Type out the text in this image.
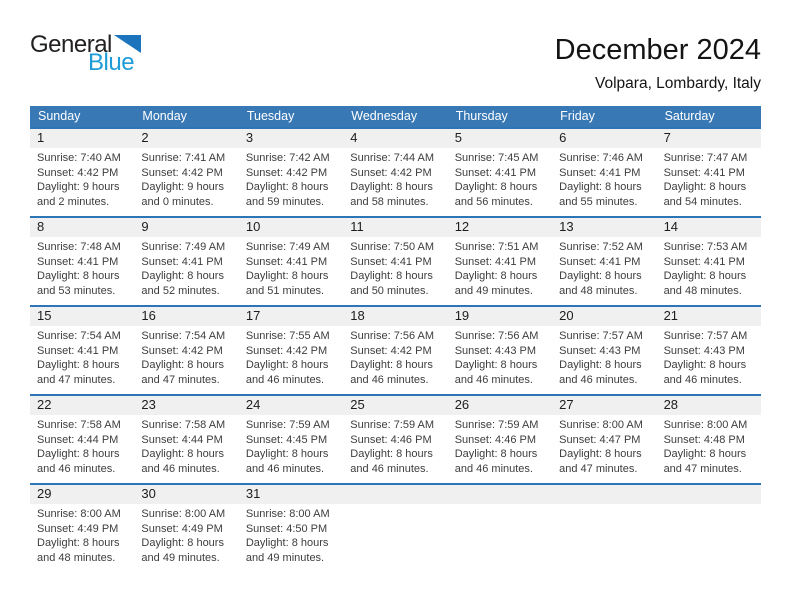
General
Blue	December 2024
Volpara, Lombardy, Italy
Sunday	Monday	Tuesday	Wednesday	Thursday	Friday	Saturday
1	2	3	4	5	6	7
Sunrise: 7:40 AM
Sunset: 4:42 PM
Daylight: 9 hours and 2 minutes.
Sunrise: 7:41 AM
Sunset: 4:42 PM
Daylight: 9 hours and 0 minutes.
Sunrise: 7:42 AM
Sunset: 4:42 PM
Daylight: 8 hours and 59 minutes.
Sunrise: 7:44 AM
Sunset: 4:42 PM
Daylight: 8 hours and 58 minutes.
Sunrise: 7:45 AM
Sunset: 4:41 PM
Daylight: 8 hours and 56 minutes.
Sunrise: 7:46 AM
Sunset: 4:41 PM
Daylight: 8 hours and 55 minutes.
Sunrise: 7:47 AM
Sunset: 4:41 PM
Daylight: 8 hours and 54 minutes.
8	9	10	11	12	13	14
Sunrise: 7:48 AM
Sunset: 4:41 PM
Daylight: 8 hours and 53 minutes.
Sunrise: 7:49 AM
Sunset: 4:41 PM
Daylight: 8 hours and 52 minutes.
Sunrise: 7:49 AM
Sunset: 4:41 PM
Daylight: 8 hours and 51 minutes.
Sunrise: 7:50 AM
Sunset: 4:41 PM
Daylight: 8 hours and 50 minutes.
Sunrise: 7:51 AM
Sunset: 4:41 PM
Daylight: 8 hours and 49 minutes.
Sunrise: 7:52 AM
Sunset: 4:41 PM
Daylight: 8 hours and 48 minutes.
Sunrise: 7:53 AM
Sunset: 4:41 PM
Daylight: 8 hours and 48 minutes.
15	16	17	18	19	20	21
Sunrise: 7:54 AM
Sunset: 4:41 PM
Daylight: 8 hours and 47 minutes.
Sunrise: 7:54 AM
Sunset: 4:42 PM
Daylight: 8 hours and 47 minutes.
Sunrise: 7:55 AM
Sunset: 4:42 PM
Daylight: 8 hours and 46 minutes.
Sunrise: 7:56 AM
Sunset: 4:42 PM
Daylight: 8 hours and 46 minutes.
Sunrise: 7:56 AM
Sunset: 4:43 PM
Daylight: 8 hours and 46 minutes.
Sunrise: 7:57 AM
Sunset: 4:43 PM
Daylight: 8 hours and 46 minutes.
Sunrise: 7:57 AM
Sunset: 4:43 PM
Daylight: 8 hours and 46 minutes.
22	23	24	25	26	27	28
Sunrise: 7:58 AM
Sunset: 4:44 PM
Daylight: 8 hours and 46 minutes.
Sunrise: 7:58 AM
Sunset: 4:44 PM
Daylight: 8 hours and 46 minutes.
Sunrise: 7:59 AM
Sunset: 4:45 PM
Daylight: 8 hours and 46 minutes.
Sunrise: 7:59 AM
Sunset: 4:46 PM
Daylight: 8 hours and 46 minutes.
Sunrise: 7:59 AM
Sunset: 4:46 PM
Daylight: 8 hours and 46 minutes.
Sunrise: 8:00 AM
Sunset: 4:47 PM
Daylight: 8 hours and 47 minutes.
Sunrise: 8:00 AM
Sunset: 4:48 PM
Daylight: 8 hours and 47 minutes.
29	30	31
Sunrise: 8:00 AM
Sunset: 4:49 PM
Daylight: 8 hours and 48 minutes.
Sunrise: 8:00 AM
Sunset: 4:49 PM
Daylight: 8 hours and 49 minutes.
Sunrise: 8:00 AM
Sunset: 4:50 PM
Daylight: 8 hours and 49 minutes.
